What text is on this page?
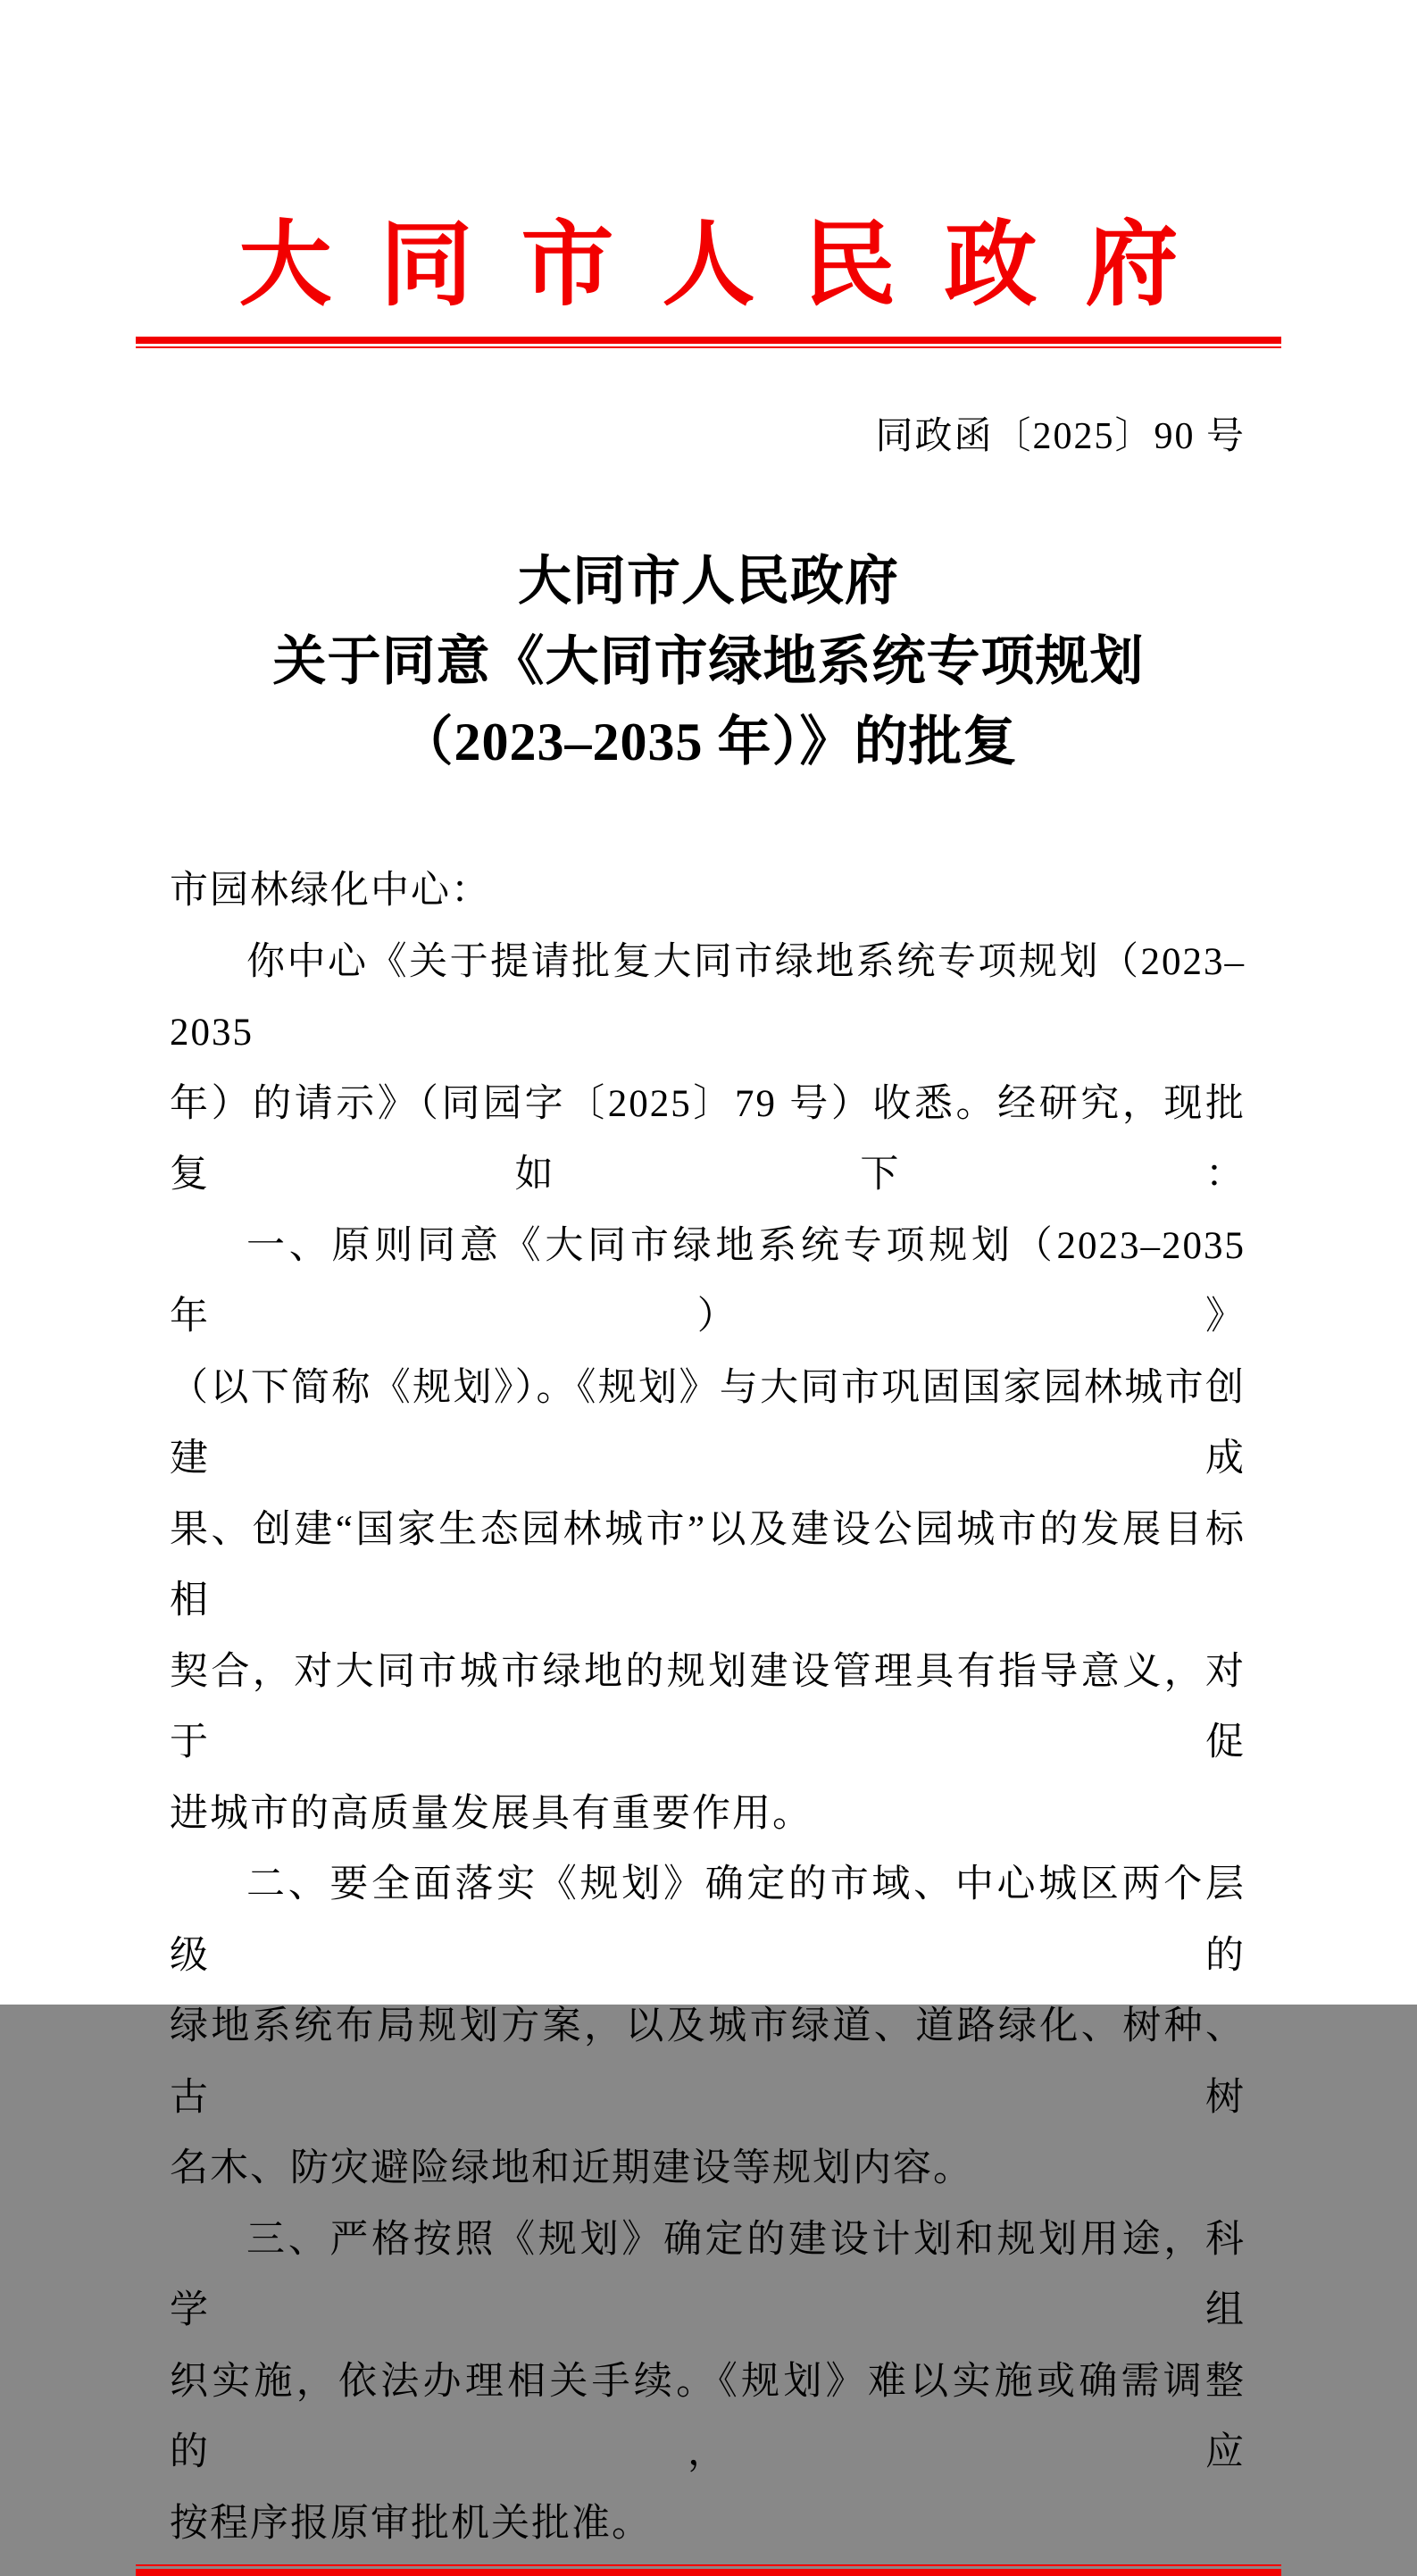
大同市人民政府
同政函〔2025〕90 号
大同市人民政府
关于同意《大同市绿地系统专项规划
（2023–2035 年）》的批复
市园林绿化中心：
你中心《关于提请批复大同市绿地系统专项规划（2023–2035
年）的请示》（同园字〔2025〕79 号）收悉。经研究，现批复如下：
一、原则同意《大同市绿地系统专项规划（2023–2035 年）》
（以下简称《规划》）。《规划》与大同市巩固国家园林城市创建成
果、创建“国家生态园林城市”以及建设公园城市的发展目标相
契合，对大同市城市绿地的规划建设管理具有指导意义，对于促
进城市的高质量发展具有重要作用。
二、要全面落实《规划》确定的市域、中心城区两个层级的
绿地系统布局规划方案，以及城市绿道、道路绿化、树种、古树
名木、防灾避险绿地和近期建设等规划内容。
三、严格按照《规划》确定的建设计划和规划用途，科学组
织实施，依法办理相关手续。《规划》难以实施或确需调整的，应
按程序报原审批机关批准。
